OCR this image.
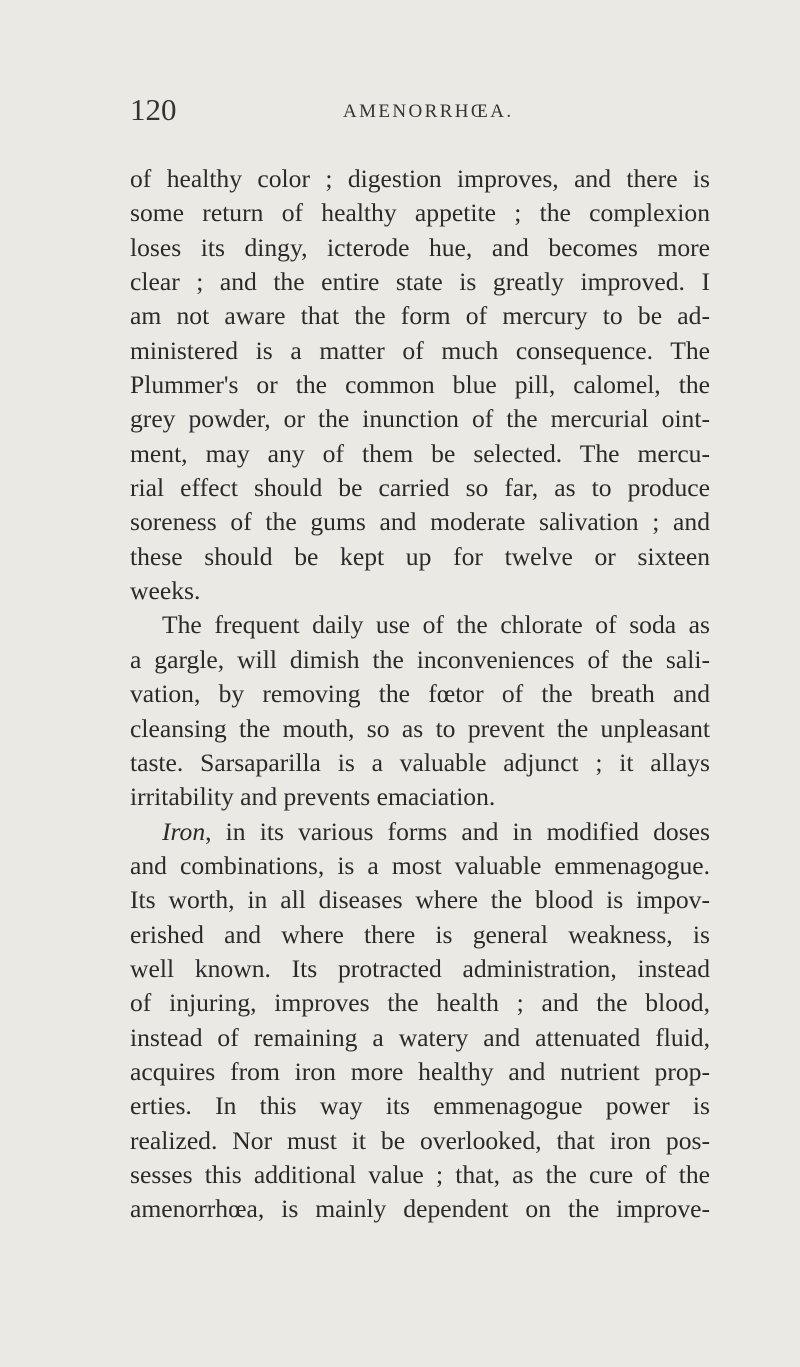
120	AMENORRHŒA.
of healthy color ; digestion improves, and there is
some return of healthy appetite ; the complexion
loses its dingy, icterode hue, and becomes more
clear ; and the entire state is greatly improved. I
am not aware that the form of mercury to be ad-
ministered is a matter of much consequence. The
Plummer's or the common blue pill, calomel, the
grey powder, or the inunction of the mercurial oint-
ment, may any of them be selected. The mercu-
rial effect should be carried so far, as to produce
soreness of the gums and moderate salivation ; and
these should be kept up for twelve or sixteen
weeks.
The frequent daily use of the chlorate of soda as
a gargle, will dimish the inconveniences of the sali-
vation, by removing the fœtor of the breath and
cleansing the mouth, so as to prevent the unpleasant
taste. Sarsaparilla is a valuable adjunct ; it allays
irritability and prevents emaciation.
Iron, in its various forms and in modified doses
and combinations, is a most valuable emmenagogue.
Its worth, in all diseases where the blood is impov-
erished and where there is general weakness, is
well known. Its protracted administration, instead
of injuring, improves the health ; and the blood,
instead of remaining a watery and attenuated fluid,
acquires from iron more healthy and nutrient prop-
erties. In this way its emmenagogue power is
realized. Nor must it be overlooked, that iron pos-
sesses this additional value ; that, as the cure of the
amenorrhœa, is mainly dependent on the improve-
